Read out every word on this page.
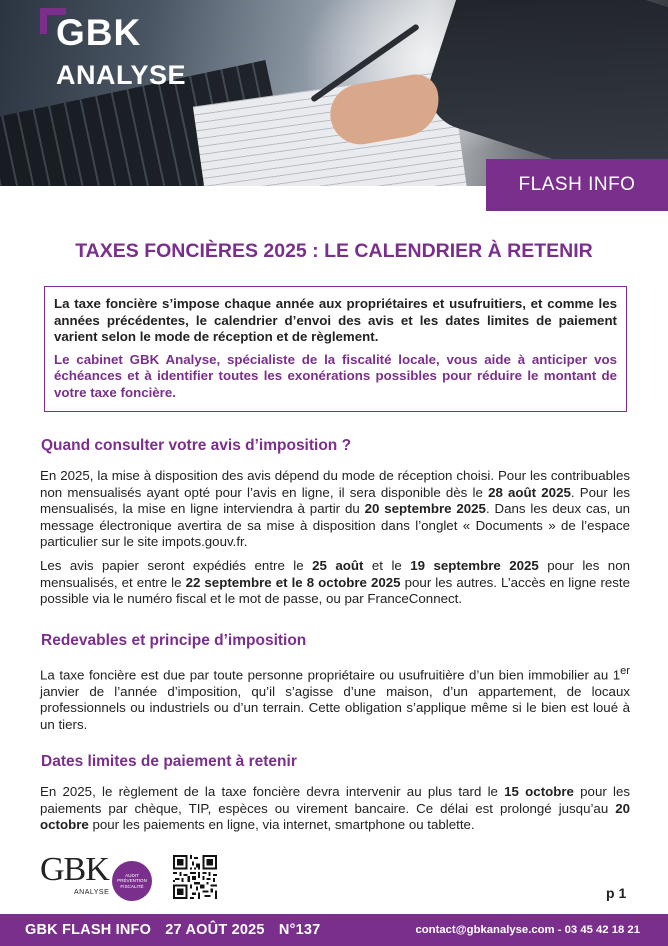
GBK
ANALYSE
FLASH INFO
TAXES FONCIÈRES 2025 : LE CALENDRIER À RETENIR

La taxe foncière s’impose chaque année aux propriétaires et usufruitiers, et comme les années précédentes, le calendrier d’envoi des avis et les dates limites de paiement varient selon le mode de réception et de règlement.

Le cabinet GBK Analyse, spécialiste de la fiscalité locale, vous aide à anticiper vos échéances et à identifier toutes les exonérations possibles pour réduire le montant de votre taxe foncière.

Quand consulter votre avis d’imposition ?

En 2025, la mise à disposition des avis dépend du mode de réception choisi. Pour les contribuables non mensualisés ayant opté pour l’avis en ligne, il sera disponible dès le 28 août 2025. Pour les mensualisés, la mise en ligne interviendra à partir du 20 septembre 2025. Dans les deux cas, un message électronique avertira de sa mise à disposition dans l’onglet « Documents » de l’espace particulier sur le site impots.gouv.fr.

Les avis papier seront expédiés entre le 25 août et le 19 septembre 2025 pour les non mensualisés, et entre le 22 septembre et le 8 octobre 2025 pour les autres. L’accès en ligne reste possible via le numéro fiscal et le mot de passe, ou par FranceConnect.

Redevables et principe d’imposition

La taxe foncière est due par toute personne propriétaire ou usufruitière d’un bien immobilier au 1er janvier de l’année d’imposition, qu’il s’agisse d’une maison, d’un appartement, de locaux professionnels ou industriels ou d’un terrain. Cette obligation s’applique même si le bien est loué à un tiers.

Dates limites de paiement à retenir

En 2025, le règlement de la taxe foncière devra intervenir au plus tard le 15 octobre pour les paiements par chèque, TIP, espèces ou virement bancaire. Ce délai est prolongé jusqu’au 20 octobre pour les paiements en ligne, via internet, smartphone ou tablette.

GBK
ANALYSE
AUDIT
PRÉVENTION
FISCALITÉ	p 1
GBK FLASH INFO 27 AOÛT 2025 N°137	contact@gbkanalyse.com - 03 45 42 18 21
